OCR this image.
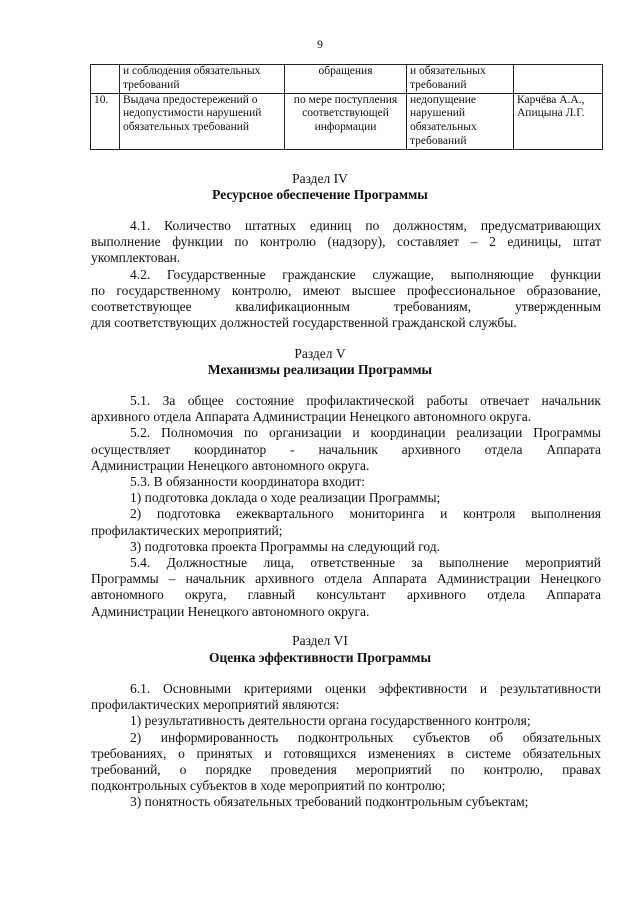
9
	и соблюдения обязательных требований	обращения	и обязательных требований	
10.	Выдача предостережений о недопустимости нарушений обязательных требований	по мере поступления соответствующей информации	недопущение нарушений обязательных требований	Карчёва А.А., Апицына Л.Г.
Раздел IV
Ресурсное обеспечение Программы

4.1. Количество штатных единиц по должностям, предусматривающих

выполнение функции по контролю (надзору), составляет – 2 единицы, штат

укомплектован.

4.2. Государственные гражданские служащие, выполняющие функции

по государственному контролю, имеют высшее профессиональное образование,

соответствующее квалификационным требованиям, утвержденным

для соответствующих должностей государственной гражданской службы.

Раздел V
Механизмы реализации Программы

5.1. За общее состояние профилактической работы отвечает начальник

архивного отдела Аппарата Администрации Ненецкого автономного округа.

5.2. Полномочия по организации и координации реализации Программы

осуществляет координатор - начальник архивного отдела Аппарата

Администрации Ненецкого автономного округа.

5.3. В обязанности координатора входит:

1) подготовка доклада о ходе реализации Программы;

2) подготовка ежеквартального мониторинга и контроля выполнения

профилактических мероприятий;

3) подготовка проекта Программы на следующий год.

5.4. Должностные лица, ответственные за выполнение мероприятий

Программы – начальник архивного отдела Аппарата Администрации Ненецкого

автономного округа, главный консультант архивного отдела Аппарата

Администрации Ненецкого автономного округа.

Раздел VI
Оценка эффективности Программы

6.1. Основными критериями оценки эффективности и результативности

профилактических мероприятий являются:

1) результативность деятельности органа государственного контроля;

2) информированность подконтрольных субъектов об обязательных

требованиях, о принятых и готовящихся изменениях в системе обязательных

требований, о порядке проведения мероприятий по контролю, правах

подконтрольных субъектов в ходе мероприятий по контролю;

3) понятность обязательных требований подконтрольным субъектам;
